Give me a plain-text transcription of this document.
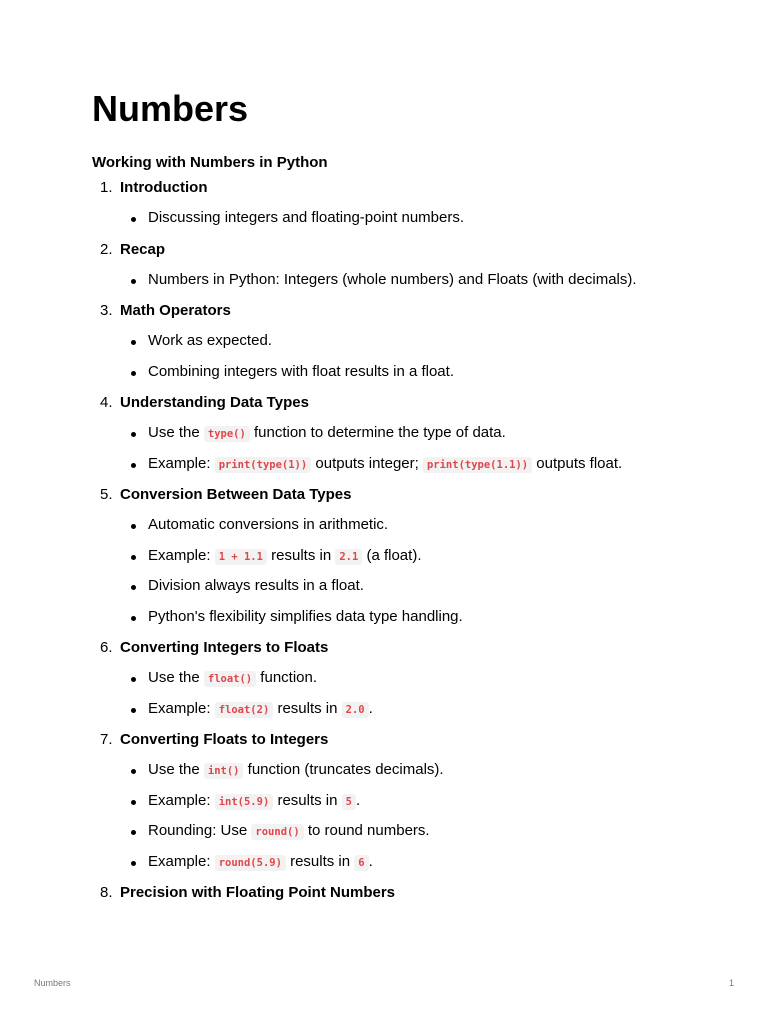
Numbers
Working with Numbers in Python
1. Introduction
Discussing integers and floating-point numbers.
2. Recap
Numbers in Python: Integers (whole numbers) and Floats (with decimals).
3. Math Operators
Work as expected.
Combining integers with float results in a float.
4. Understanding Data Types
Use the type() function to determine the type of data.
Example: print(type(1)) outputs integer; print(type(1.1)) outputs float.
5. Conversion Between Data Types
Automatic conversions in arithmetic.
Example: 1 + 1.1 results in 2.1 (a float).
Division always results in a float.
Python's flexibility simplifies data type handling.
6. Converting Integers to Floats
Use the float() function.
Example: float(2) results in 2.0 .
7. Converting Floats to Integers
Use the int() function (truncates decimals).
Example: int(5.9) results in 5 .
Rounding: Use round() to round numbers.
Example: round(5.9) results in 6 .
8. Precision with Floating Point Numbers
Numbers	1
